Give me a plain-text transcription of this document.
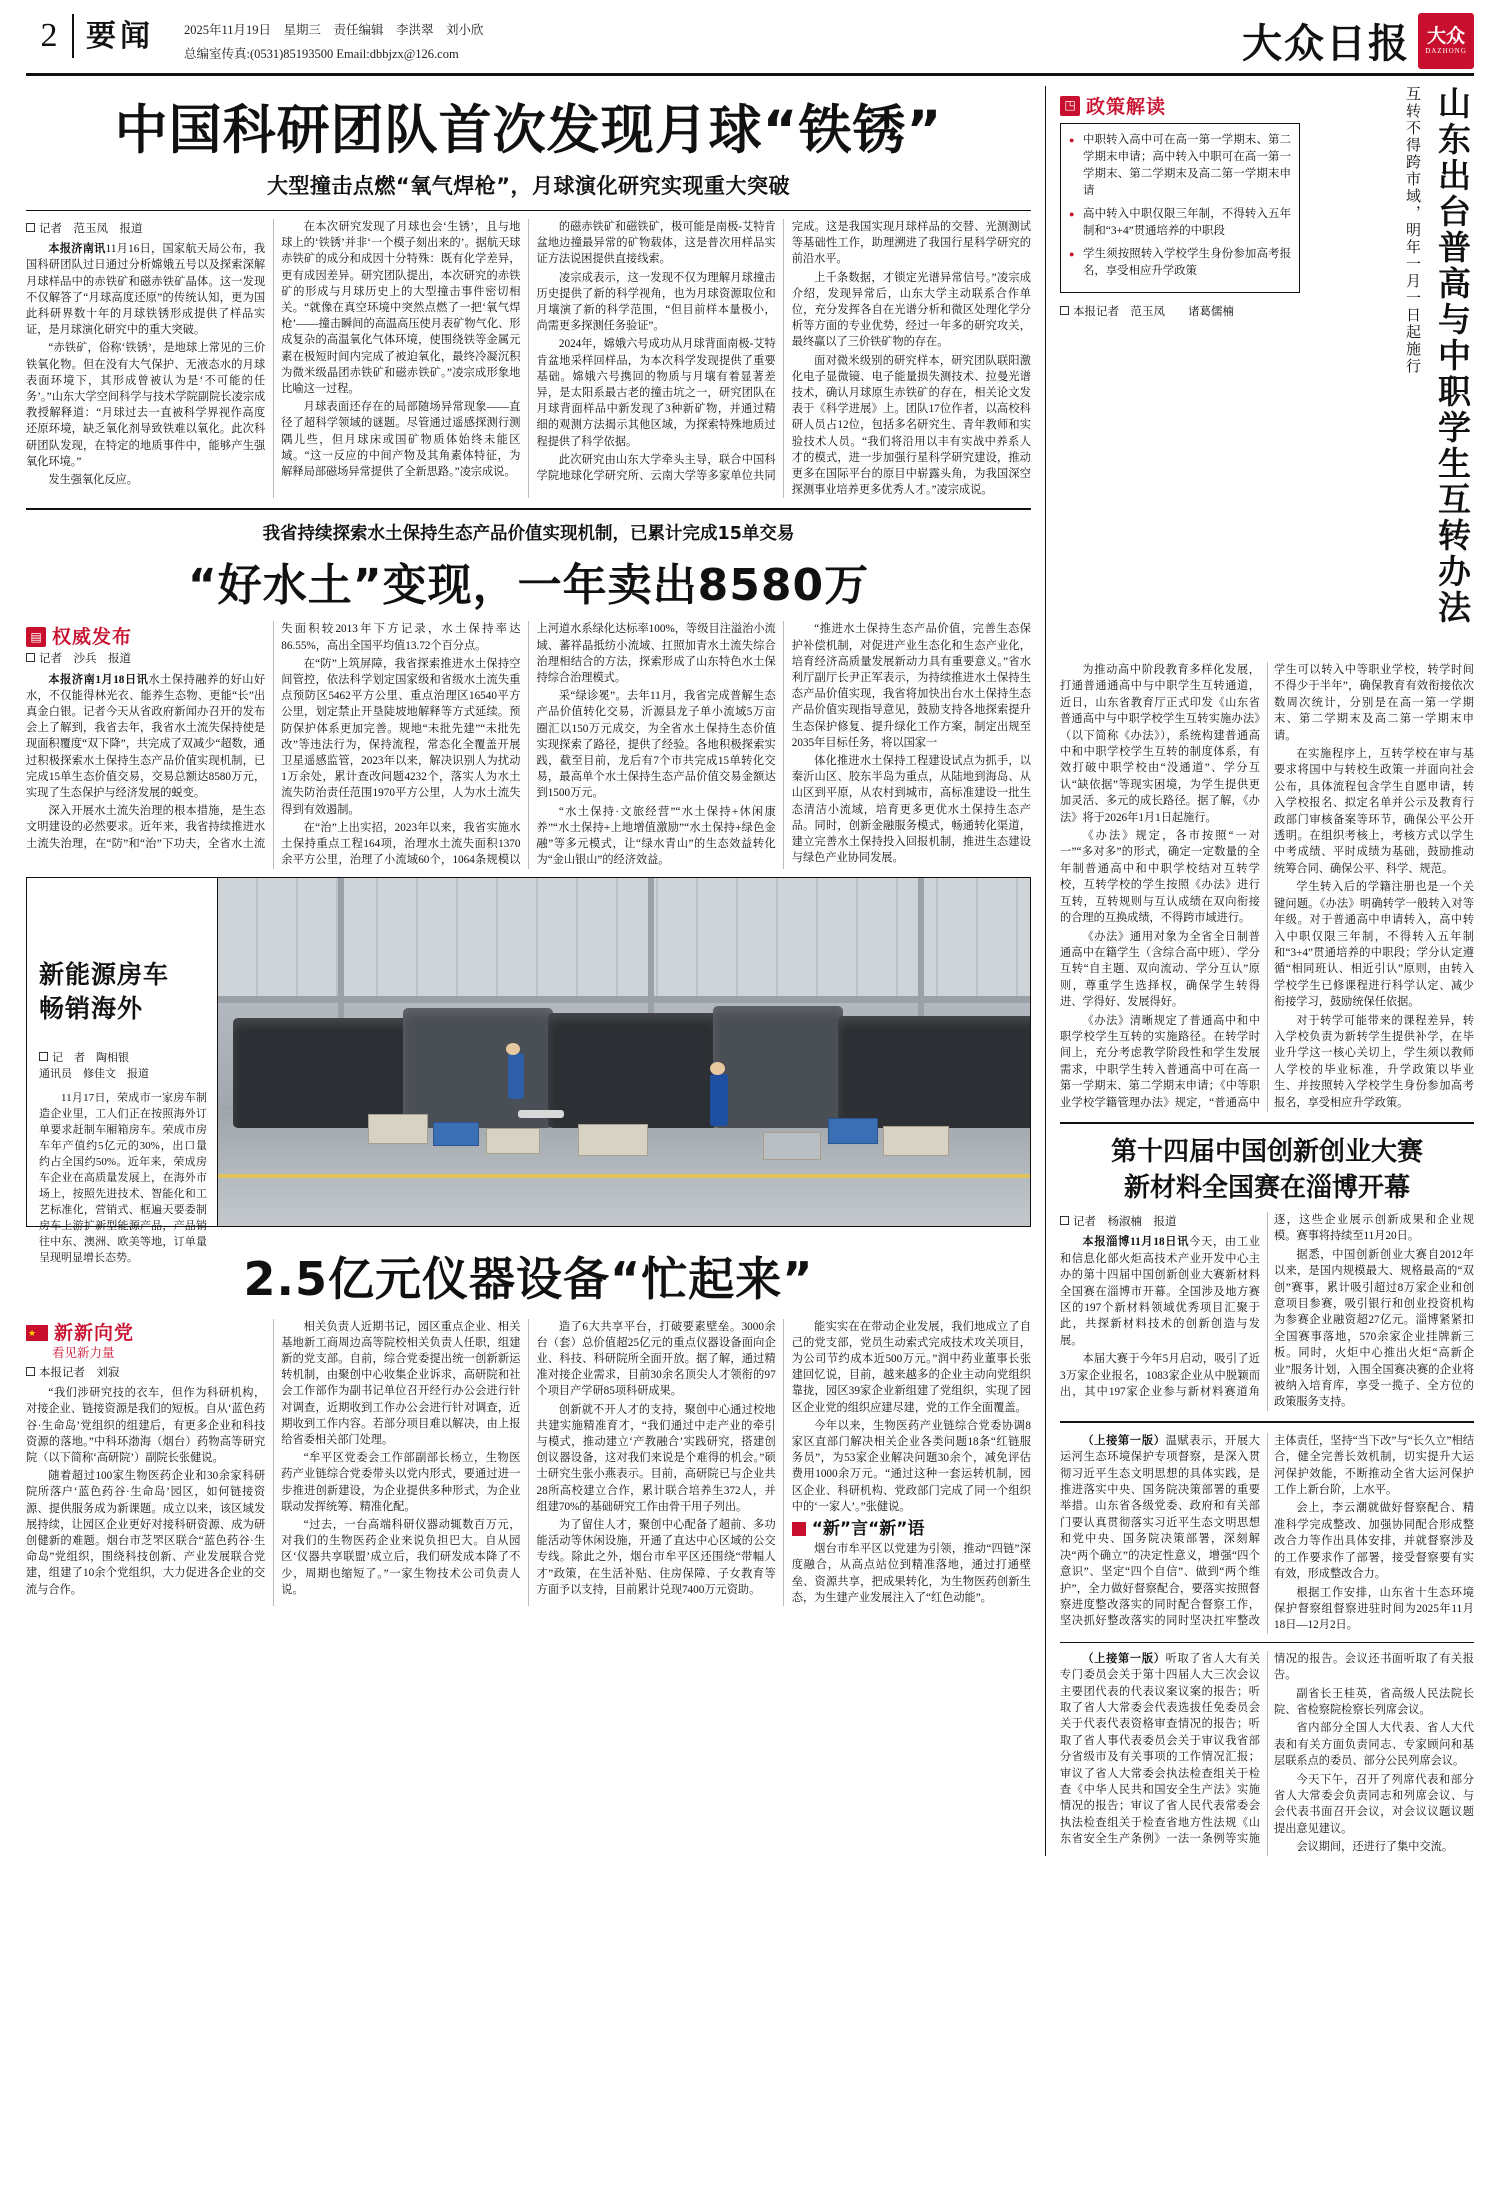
2 要闻 2025年11月19日　星期三　责任编辑　李洪翠　刘小欣
总编室传真:(0531)85193500 Email:dbbjzx@126.com	大众日报 大众
DAZHONG
中国科研团队首次发现月球“铁锈”
大型撞击点燃“氧气焊枪”，月球演化研究实现重大突破
记者　范玉凤　报道

本报济南讯11月16日，国家航天局公布，我国科研团队过日通过分析嫦娥五号以及探索深解月球样品中的赤铁矿和磁赤铁矿晶体。这一发现不仅解答了“月球高度还原”的传统认知，更为国此科研界数十年的月球铁锈形成提供了样品实证，是月球演化研究中的重大突破。

“赤铁矿，俗称‘铁锈’，是地球上常见的三价铁氧化物。但在没有大气保护、无液态水的月球表面环境下，其形成曾被认为是‘不可能的任务’。”山东大学空间科学与技术学院副院长凌宗成教授解释道：“月球过去一直被科学界视作高度还原环境，缺乏氧化剂导致铁难以氧化。此次科研团队发现，在特定的地质事件中，能够产生强氧化环境。”

发生强氧化反应。

在本次研究发现了月球也会‘生锈’，且与地球上的‘铁锈’并非‘一个模子刻出来的’。据航天球赤铁矿的成分和成因十分特殊：既有化学差异，更有成因差异。研究团队提出，本次研究的赤铁矿的形成与月球历史上的大型撞击事件密切相关。“就像在真空环境中突然点燃了一把‘氧气焊枪’——撞击瞬间的高温高压使月表矿物气化、形成复杂的高温氧化气体环境，使围绕铁等金属元素在极短时间内完成了被迫氧化，最终冷凝沉积为微米级晶团赤铁矿和磁赤铁矿。”凌宗成形象地比喻这一过程。

月球表面还存在的局部随场异常现象——直径了超科学领域的谜题。尽管通过遥感探测行测隅儿些，但月球床或国矿物质体始终未能区域。“这一反应的中间产物及其角素体特征，为解释局部磁场异常提供了全新思路。”凌宗成说。

的磁赤铁矿和磁铁矿，极可能是南极-艾特肯盆地边撞最异常的矿物载体，这是普次用样品实证方法说困提供直接线索。

凌宗成表示，这一发现不仅为理解月球撞击历史提供了新的科学视角，也为月球资源取位和月壤演了新的科学范围，“但目前样本量极小，尚需更多探测任务验证”。

2024年，嫦娥六号成功从月球背面南极-艾特肯盆地采样回样品，为本次科学发现提供了重要基础。嫦娥六号携回的物质与月壤有着显著差异，是太阳系最古老的撞击坑之一，研究团队在月球背面样品中新发现了3种新矿物，并通过精细的观测方法揭示其他区域，为探索特殊地质过程提供了科学依据。

此次研究由山东大学牵头主导，联合中国科学院地球化学研究所、云南大学等多家单位共同完成。这是我国实现月球样品的交替、光测测试等基础性工作，助理溯进了我国行星科学研究的前沿水平。

上千条数据，才锁定光谱异常信号。”凌宗成介绍，发现异常后，山东大学主动联系合作单位，充分发挥各自在光谱分析和微区处理化学分析等方面的专业优势，经过一年多的研究攻关，最终赢以了三价铁矿物的存在。

面对微米级别的研究样本，研究团队联阳激化电子显微镜、电子能量损失测技术、拉曼光谱技术，确认月球原生赤铁矿的存在，相关论文发表于《科学进展》上。团队17位作者，以高校科研人员占12位，包括多名研究生、青年教师和实验技术人员。“我们将沿用以丰有实战中养系人才的模式，进一步加强行星科学研究建设，推动更多在国际平台的原目中崭露头角，为我国深空探测事业培养更多优秀人才。”凌宗成说。

我省持续探索水土保持生态产品价值实现机制，已累计完成15单交易
“好水土”变现，一年卖出8580万
▤ 权威发布
记者　沙兵　报道

本报济南1月18日讯水土保持融养的好山好水，不仅能得林光衣、能养生态物、更能“长”出真金白银。记者今天从省政府新闻办召开的发布会上了解到，我省去年，我省水土流失保持使是现面积覆度“双下降”，共完成了双减少“超数，通过积极探索水土保持生态产品价值实现机制，已完成15单生态价值交易，交易总额达8580万元，实现了生态保护与经济发展的蜕变。

深入开展水土流失治理的根本措施，是生态文明建设的必然要求。近年来，我省持续推进水土流失治理，在“防”和“治”下功夫，全省水土流失面积较2013年下方记录，水土保持率达86.55%，高出全国平均值13.72个百分点。

在“防”上筑屏障，我省探索推进水土保持空间管控，依法科学划定国家级和省级水土流失重点预防区5462平方公里、重点治理区16540平方公里，划定禁止开垦陡坡地解释等方式延续。预防保护体系更加完善。规地“未批先建”“未批先改”等违法行为，保持流程，常态化全覆盖开展卫星遥感监管，2023年以来，解决识别人为扰动1万余处，累计查改问题4232个，落实人为水土流失防治责任范围1970平方公里，人为水土流失得到有效遏制。

在“治”上出实招，2023年以来，我省实施水土保持重点工程164项，治理水土流失面积1370余平方公里，治理了小流域60个，1064条规模以上河道水系绿化达标率100%，等级目注溢治小流域、蕃祥晶抵纺小流域、扛照加青水土流失综合治理相结合的方法，探索形成了山东特色水土保持综合治理模式。

采“绿诊冕”。去年11月，我省完成普解生态产品价值转化交易，沂源县龙子单小流域5万亩圈汇以150万元成交，为全省水土保持生态价值实现探索了路径，提供了经验。各地积极探索实践，截至目前，龙后有7个市共完成15单转化交易，最高单个水土保持生态产品价值交易金额达到1500万元。

“水土保持·文旅经营”“水土保持+休闲康养”“水土保持+上地增值激励”“水土保持+绿色金融”等多元模式，让“绿水青山”的生态效益转化为“金山银山”的经济效益。

“推进水土保持生态产品价值，完善生态保护补偿机制，对促进产业生态化和生态产业化，培育经济高质量发展新动力具有重要意义。”省水利厅副厅长尹正军表示，为持续推进水土保持生态产品价值实现，我省将加快出台水土保持生态产品价值实现指导意见，鼓励支持各地探索提升生态保护修复、提升绿化工作方案，制定出规至2035年目标任务，将以国家一

体化推进水土保持工程建设试点为抓手，以秦沂山区、胶东半岛为重点，从陆地到海岛、从山区到平原，从农村到城市，高标准建设一批生态清洁小流域，培育更多更优水土保持生态产品。同时，创新金融服务模式，畅通转化渠道，建立完善水土保持投入回报机制，推进生态建设与绿色产业协同发展。

新能源房车
畅销海外
记　者　陶相银
通讯员　修佳文　报道

11月17日，荣成市一家房车制造企业里，工人们正在按照海外订单要求赶制车厢箱房车。荣成市房车年产值约5亿元的30%，出口量约占全国约50%。近年来，荣成房车企业在高质量发展上，在海外市场上，按照先进技术、智能化和工艺标准化，营销式、框遍天要委制房车上游扩新型能源产品，产品销往中东、澳洲、欧美等地，订单量呈现明显增长态势。	2.5亿元仪器设备“忙起来”
★
新新向党
看见新力量
本报记者　刘寂

“我们涉研究技的衣车，但作为科研机构，对接企业、链接资源是我们的短板。自从‘蓝色药谷·生命岛’党组织的组建后，有更多企业和科技资源的落地。”中科环渤海（烟台）药物高等研究院（以下简称‘高研院’）副院长张健说。

随着超过100家生物医药企业和30余家科研院所落户‘蓝色药谷·生命岛’园区，如何链接资源、提供服务成为新课题。成立以来，该区域发展持续，让园区企业更好对接科研资源、成为研创健新的难题。烟台市芝罘区联合“蓝色药谷·生命岛”党组织，围绕科技创新、产业发展联合党建，组建了10余个党组织，大力促进各企业的交流与合作。

相关负责人近期书记，园区重点企业、相关基地新工商周边高等院校相关负责人任职，组建新的党支部。自前，综合党委提出统一创新新运转机制，由聚创中心收集企业诉求，高研院和社会工作部作为副书记单位召开经行办公会进行针对调查，近期收到工作办公会进行针对调查，近期收到工作内容。若部分项目难以解决，由上报给省委相关部门处理。

“牟平区党委会工作部副部长杨立，生物医药产业链综合党委带头以党内形式，要通过进一步推进创新建设，为企业提供多种形式，为企业联动发挥统筹、精准化配。

“过去，一台高端科研仪器动辄数百万元，对我们的生物医药企业来说负担巴大。自从园区‘仪器共享联盟’成立后，我们研发成本降了不少，周期也缩短了。”一家生物技术公司负责人说。

造了6大共享平台，打破要素壁垒。3000余台（套）总价值超25亿元的重点仪器设备面向企业、科技、科研院所全面开放。据了解，通过精准对接企业需求，目前30余名顶尖人才领衔的97个项目产学研85项科研成果。

创新就不开人才的支持，聚创中心通过校地共建实施精准育才，“我们通过中走产业的牵引与模式，推动建立‘产教融合’实践研究，搭建创创议器设备，这对我们来说是个难得的机会。”硕士研究生张小燕表示。目前，高研院已与企业共28所高校建立合作，累计联合培养生372人，并组建70%的基础研究工作由骨干用子列出。

为了留住人才，聚创中心配备了超前、多功能活动等休闲设施，开通了直达中心区域的公交专线。除此之外，烟台市牟平区还围绕“带幅人才”政策，在生活补贴、住房保障、子女教育等方面予以支持，目前累计兑现7400万元资助。

能实实在在带动企业发展，我们地成立了自己的党支部，党员生动索式完成技术攻关项目，为公司节约成本近500万元。”润中药业董事长张建回忆说，目前，越来越多的企业主动向党组织靠拢，园区39家企业新组建了党组织，实现了园区企业党的组织应建尽建，党的工作全面覆盖。

今年以来，生物医药产业链综合党委协调8家区直部门解决相关企业各类问题18条“红链服务员”，为53家企业解决问题30余个，减免评估费用1000余万元。“通过这种一套运转机制，园区企业、科研机构、党政部门完成了同一个组织中的‘一家人’。”张健说。

“新”言“新”语

烟台市牟平区以党建为引领，推动“四链”深度融合，从高点站位到精准落地，通过打通壁垒、资源共享，把成果转化，为生物医药创新生态，为生建产业发展注入了“红色动能”。

◳ 政策解读
● 中职转入高中可在高一第一学期末、第二学期末申请；高中转入中职可在高一第一学期末、第二学期末及高二第一学期末申请
● 高中转入中职仅限三年制，不得转入五年制和“3+4”贯通培养的中职段
● 学生须按照转入学校学生身份参加高考报名，享受相应升学政策
本报记者　范玉凤　　诸葛儒楠	互转不得跨市域，明年一月一日起施行 山东出台普高与中职学生互转办法

为推动高中阶段教育多样化发展，打通普通通高中与中职学生互转通道，近日，山东省教育厅正式印发《山东省普通高中与中职学校学生互转实施办法》（以下简称《办法》），系统构建普通高中和中职学校学生互转的制度体系，有效打破中职学校由“没通道”、学分互认“缺依据”等现实困境，为学生提供更加灵活、多元的成长路径。据了解，《办法》将于2026年1月1日起施行。

《办法》规定，各市按照“一对一”“多对多”的形式，确定一定数量的全年制普通高中和中职学校结对互转学校，互转学校的学生按照《办法》进行互转，互转规则与互认成绩在双向衔接的合理的互换成绩，不得跨市域进行。

《办法》通用对象为全省全日制普通高中在籍学生（含综合高中班）、学分互转“自主题、双向流动、学分互认”原则，尊重学生选择权，确保学生转得进、学得好、发展得好。

《办法》清晰规定了普通高中和中职学校学生互转的实施路径。在转学时间上，充分考虑教学阶段性和学生发展需求，中职学生转入普通高中可在高一第一学期末、第二学期末申请；《中等职业学校学籍管理办法》规定，“普通高中学生可以转入中等职业学校，转学时间不得少于半年”，确保教育有效衔接依次数周次统计，分别是在高一第一学期末、第二学期末及高二第一学期末申请。

在实施程序上，互转学校在审与基要求将国中与转校生政策一并面向社会公布，具体流程包含学生自愿申请，转入学校报名、拟定名单并公示及教育行政部门审核备案等环节，确保公平公开透明。在组织考核上，考核方式以学生中考成绩、平时成绩为基础，鼓励推动统筹合同、确保公平、科学、规范。

学生转入后的学籍注册也是一个关键问题。《办法》明确转学一般转入对等年级。对于普通高中申请转入，高中转入中职仅限三年制，不得转入五年制和“3+4”贯通培养的中职段；学分认定遵循“相同班认、相近引认”原则，由转入学校学生已修课程进行科学认定、减少衔接学习，鼓励统保任依据。

对于转学可能带来的课程差异，转入学校负责为新转学生提供补学，在毕业升学这一核心关切上，学生须以教师人学校的毕业标准，升学政策以毕业生、并按照转入学校学生身份参加高考报名，享受相应升学政策。

第十四届中国创新创业大赛
新材料全国赛在淄博开幕
记者　杨淑楠　报道

本报淄博11月18日讯今天，由工业和信息化部火炬高技术产业开发中心主办的第十四届中国创新创业大赛新材料全国赛在淄博市开幕。全国涉及地方赛区的197个新材料领域优秀项目汇聚于此，共探新材料技术的创新创造与发展。

本届大赛于今年5月启动，吸引了近3万家企业报名，1083家企业从中脱颖而出，其中197家企业参与新材料赛道角逐，这些企业展示创新成果和企业规模。赛事将持续至11月20日。

据悉，中国创新创业大赛自2012年以来，是国内规模最大、规格最高的“双创”赛事，累计吸引超过8万家企业和创意项目参赛，吸引银行和创业投资机构为参赛企业融资超27亿元。淄博紧紧扣全国赛事落地，570余家企业挂牌新三板。同时，火炬中心推出火炬“高新企业”服务计划，入围全国赛决赛的企业将被纳入培育库，享受一揽子、全方位的政策服务支持。

（上接第一版）温赋表示，开展大运河生态环境保护专项督察，是深入贯彻习近平生态文明思想的具体实践，是推进落实中央、国务院决策部署的重要举措。山东省各级党委、政府和有关部门要认真贯彻落实习近平生态文明思想和党中央、国务院决策部署，深刻解决“两个确立”的决定性意义，增强“四个意识”、坚定“四个自信”、做到“两个维护”，全力做好督察配合，要落实按照督察进度整改落实的同时配合督察工作，坚决抓好整改落实的同时坚决扛牢整改主体责任，坚持“当下改”与“长久立”相结合，健全完善长效机制，切实提升大运河保护效能，不断推动全省大运河保护工作上新台阶，上水平。

会上，李云潮就做好督察配合、精准科学完成整改、加强协同配合形成整改合力等作出具体安排，并就督察涉及的工作要求作了部署，接受督察要有实有效，形成整改合力。

根据工作安排，山东省十生态环境保护督察组督察进驻时间为2025年11月18日—12月2日。

（上接第一版）听取了省人大有关专门委员会关于第十四届人大三次会议主要团代表的代表议案议案的报告；听取了省人大常委会代表选拔任免委员会关于代表代表资格审查情况的报告；听取了省人事代表委员会关于审议我省部分省级市及有关事项的工作情况汇报；审议了省人大常委会执法检查组关于检查《中华人民共和国安全生产法》实施情况的报告；审议了省人民代表常委会执法检查组关于检查省地方性法规《山东省安全生产条例》一法一条例等实施情况的报告。会议还书面听取了有关报告。

副省长王桂英，省高级人民法院长院、省检察院检察长列席会议。

省内部分全国人大代表、省人大代表和有关方面负责同志、专家顾问和基层联系点的委员、部分公民列席会议。

今天下午，召开了列席代表和部分省人大常委会负责同志和列席会议、与会代表书面召开会议，对会议议题议题提出意见建议。

会议期间，还进行了集中交流。
